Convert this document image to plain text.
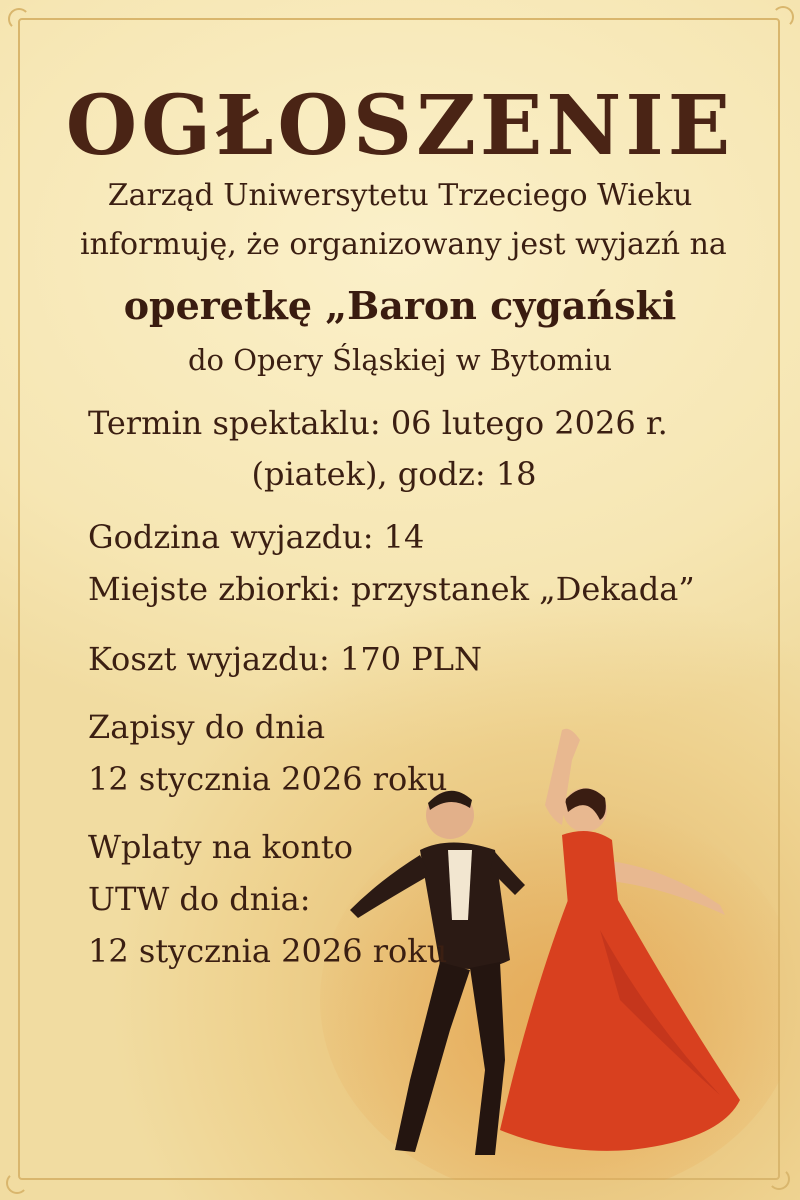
OGŁOSZENIE
Zarząd Uniwersytetu Trzeciego Wieku
informuję, że organizowany jest wyjazń na
operetkę „Baron cygański
do Opery Śląskiej w Bytomiu
Termin spektaklu: 06 lutego 2026 r.
(piatek), godz: 18
Godzina wyjazdu: 14
Miejste zbiorki: przystanek „Dekada”
Koszt wyjazdu: 170 PLN
Zapisy do dnia
12 stycznia 2026 roku
Wplaty na konto
UTW do dnia:
12 stycznia 2026 roku
